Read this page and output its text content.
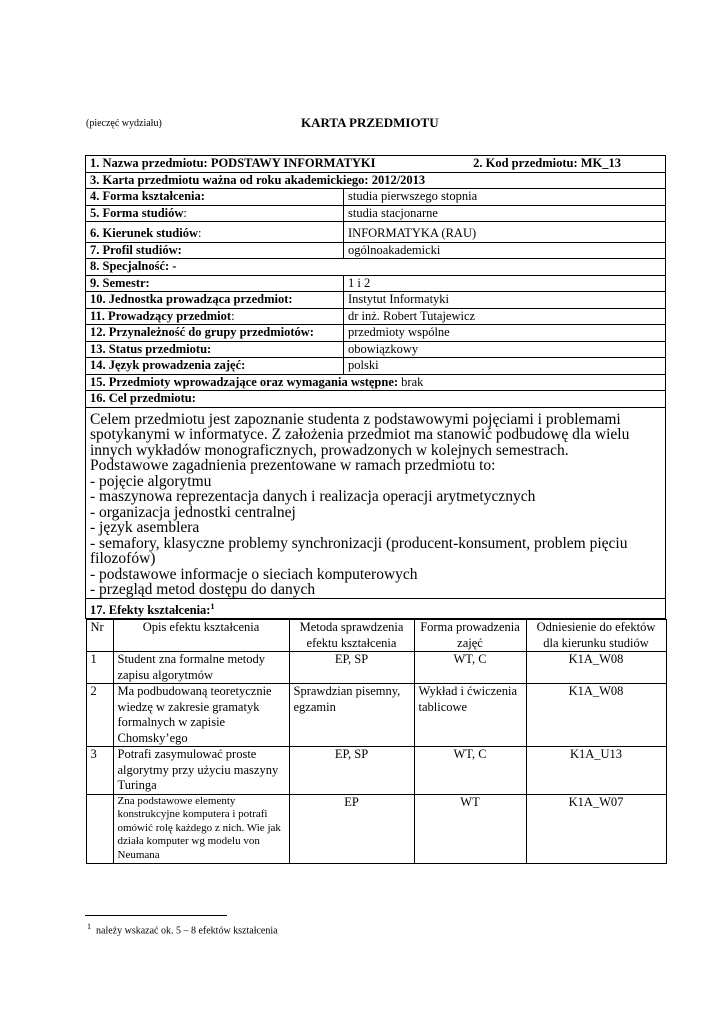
(pieczęć wydziału)	KARTA PRZEDMIOTU
1. Nazwa przedmiotu: PODSTAWY INFORMATYKI	2. Kod przedmiotu: MK_13

3. Karta przedmiotu ważna od roku akademickiego: 2012/2013
4. Forma kształcenia:	studia pierwszego stopnia
5. Forma studiów:	studia stacjonarne
6. Kierunek studiów:	INFORMATYKA (RAU)
7. Profil studiów:	ogólnoakademicki
8. Specjalność: -
9. Semestr:	1 i 2
10. Jednostka prowadząca przedmiot:	Instytut Informatyki
11. Prowadzący przedmiot:	dr inż. Robert Tutajewicz
12. Przynależność do grupy przedmiotów:	przedmioty wspólne
13. Status przedmiotu:	obowiązkowy
14. Język prowadzenia zajęć:	polski
15. Przedmioty wprowadzające oraz wymagania wstępne: brak
16. Cel przedmiotu:

Celem przedmiotu jest zapoznanie studenta z podstawowymi pojęciami i problemami
spotykanymi w informatyce. Z założenia przedmiot ma stanowić podbudowę dla wielu
innych wykładów monograficznych, prowadzonych w kolejnych semestrach.
Podstawowe zagadnienia prezentowane w ramach przedmiotu to:
- pojęcie algorytmu
- maszynowa reprezentacja danych i realizacja operacji arytmetycznych
- organizacja jednostki centralnej
- język asemblera
- semafory, klasyczne problemy synchronizacji (producent-konsument, problem pięciu
filozofów)
- podstawowe informacje o sieciach komputerowych
- przegląd metod dostępu do danych

17. Efekty kształcenia:$^1$

Nr	Opis efektu kształcenia	Metoda sprawdzenia efektu kształcenia	Forma prowadzenia zajęć	Odniesienie do efektów dla kierunku studiów
1	Student zna formalne metody zapisu algorytmów	EP, SP	WT, C	K1A_W08
2	Ma podbudowaną teoretycznie wiedzę w zakresie gramatyk formalnych w zapisie Chomsky’ego	Sprawdzian pisemny, egzamin	Wykład i ćwiczenia tablicowe	K1A_W08
3	Potrafi zasymulować proste algorytmy przy użyciu maszyny Turinga	EP, SP	WT, C	K1A_U13
	Zna podstawowe elementy konstrukcyjne komputera i potrafi omówić rolę każdego z nich. Wie jak działa komputer wg modelu von Neumana	EP	WT	K1A_W07
$^1$ należy wskazać ok. 5 – 8 efektów kształcenia
